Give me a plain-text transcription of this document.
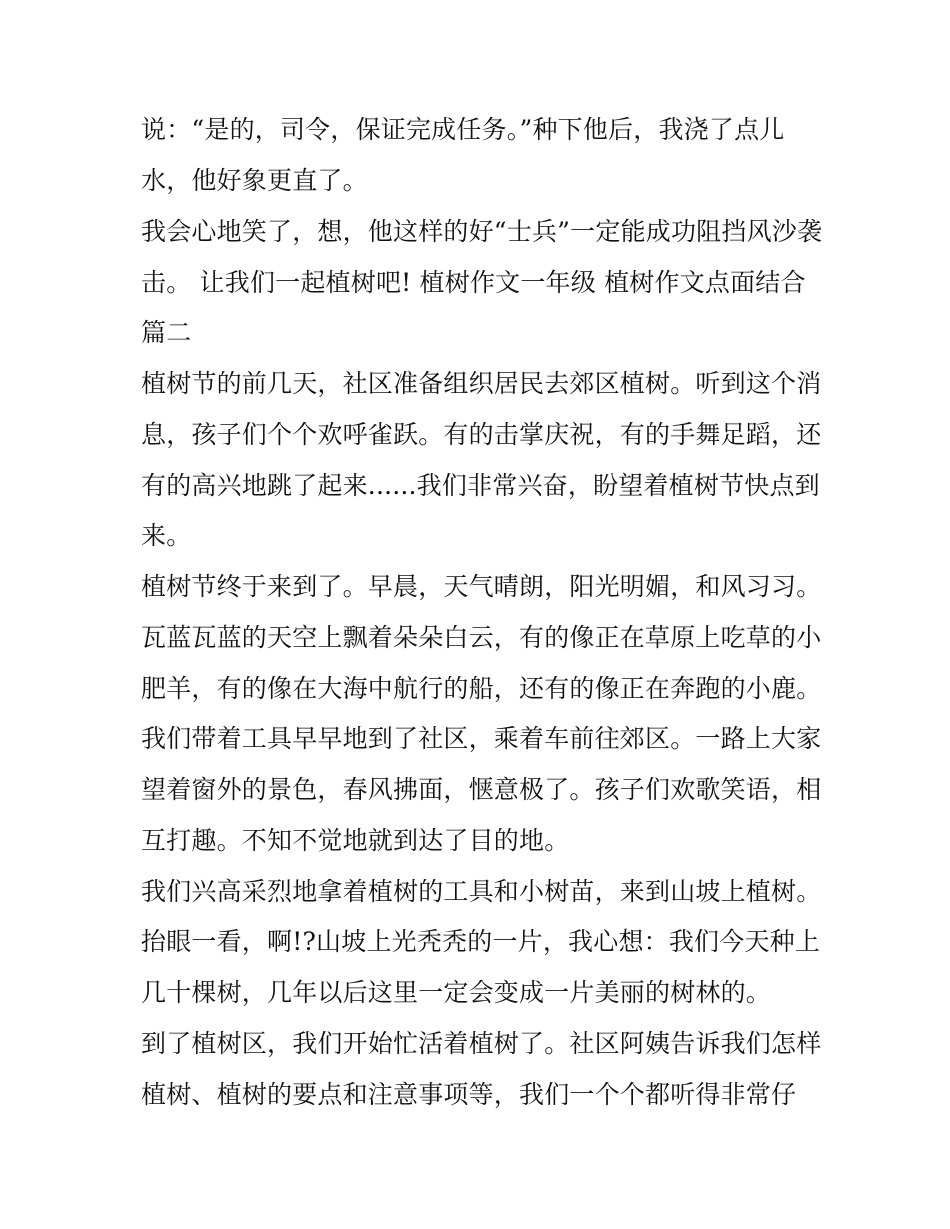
说：“是的，司令，保证完成任务。”种下他后，我浇了点儿
水，他好象更直了。
我会心地笑了，想，他这样的好“士兵”一定能成功阻挡风沙袭
击。 让我们一起植树吧! 植树作文一年级 植树作文点面结合
篇二
植树节的前几天，社区准备组织居民去郊区植树。听到这个消
息，孩子们个个欢呼雀跃。有的击掌庆祝，有的手舞足蹈，还
有的高兴地跳了起来......我们非常兴奋，盼望着植树节快点到
来。
植树节终于来到了。早晨，天气晴朗，阳光明媚，和风习习。
瓦蓝瓦蓝的天空上飘着朵朵白云，有的像正在草原上吃草的小
肥羊，有的像在大海中航行的船，还有的像正在奔跑的小鹿。
我们带着工具早早地到了社区，乘着车前往郊区。一路上大家
望着窗外的景色，春风拂面，惬意极了。孩子们欢歌笑语，相
互打趣。不知不觉地就到达了目的地。
我们兴高采烈地拿着植树的工具和小树苗，来到山坡上植树。
抬眼一看，啊!?山坡上光秃秃的一片，我心想：我们今天种上
几十棵树，几年以后这里一定会变成一片美丽的树林的。
到了植树区，我们开始忙活着植树了。社区阿姨告诉我们怎样
植树、植树的要点和注意事项等，我们一个个都听得非常仔
